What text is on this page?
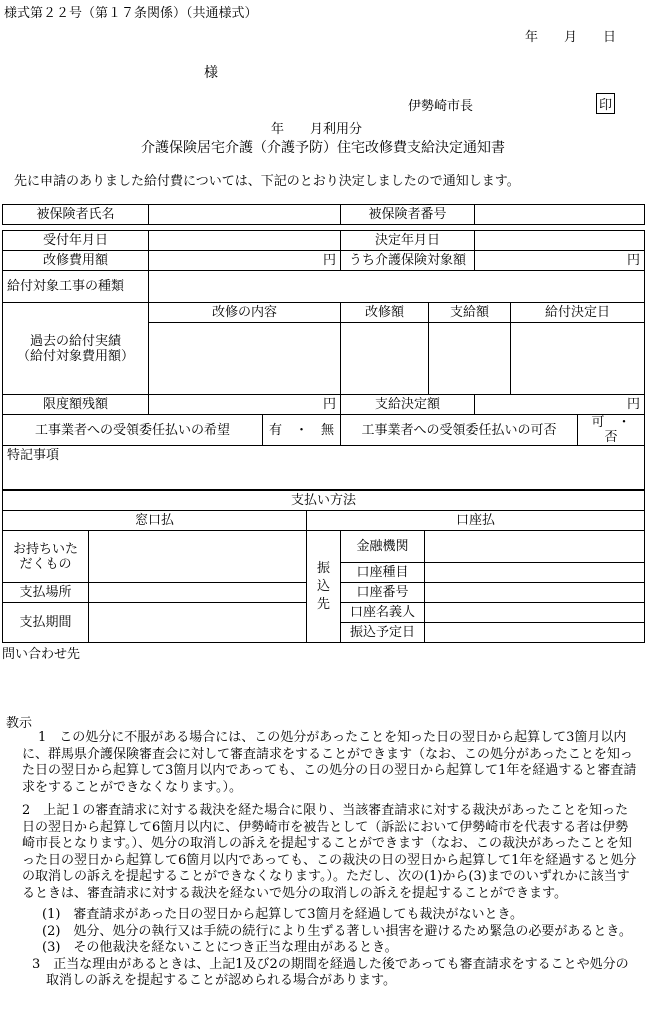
様式第２２号（第１７条関係）（共通様式）
年　　月　　日
様
伊勢崎市長	印
年　　月利用分
介護保険居宅介護（介護予防）住宅改修費支給決定通知書
先に申請のありました給付費については、下記のとおり決定しましたので通知します。
被保険者氏名		被保険者番号	
受付年月日			決定年月日				
改修費用額	円		うち介護保険対象額		円		
給付対象工事の種類							

過去の給付実績
（給付対象費用額）	改修の内容		改修額	支給額		給付決定日	

限度額残額	円		支給決定額		円		
工事業者への受領委任払いの希望		有　・　無	工事業者への受領委任払いの可否				可　・　否
特記事項							
支払い方法				
窓口払		口座払		

お持ちいた
だくもの		振込先	金融機関	
			口座種目	
支払場所			口座番号	
支払期間			口座名義人	
			振込予定日	
問い合わせ先
教示

1　この処分に不服がある場合には、この処分があったことを知った日の翌日から起算して3箇月以内に、群馬県介護保険審査会に対して審査請求をすることができます（なお、この処分があったことを知った日の翌日から起算して3箇月以内であっても、この処分の日の翌日から起算して1年を経過すると審査請求をすることができなくなります。）。

2　上記１の審査請求に対する裁決を経た場合に限り、当該審査請求に対する裁決があったことを知った日の翌日から起算して6箇月以内に、伊勢崎市を被告として（訴訟において伊勢崎市を代表する者は伊勢崎市長となります。）、処分の取消しの訴えを提起することができます（なお、この裁決があったことを知った日の翌日から起算して6箇月以内であっても、この裁決の日の翌日から起算して1年を経過すると処分の取消しの訴えを提起することができなくなります。）。ただし、次の(1)から(3)までのいずれかに該当するときは、審査請求に対する裁決を経ないで処分の取消しの訴えを提起することができます。

(1)　審査請求があった日の翌日から起算して3箇月を経過しても裁決がないとき。

(2)　処分、処分の執行又は手続の続行により生ずる著しい損害を避けるため緊急の必要があるとき。

(3)　その他裁決を経ないことにつき正当な理由があるとき。

3　正当な理由があるときは、上記1及び2の期間を経過した後であっても審査請求をすることや処分の取消しの訴えを提起することが認められる場合があります。
